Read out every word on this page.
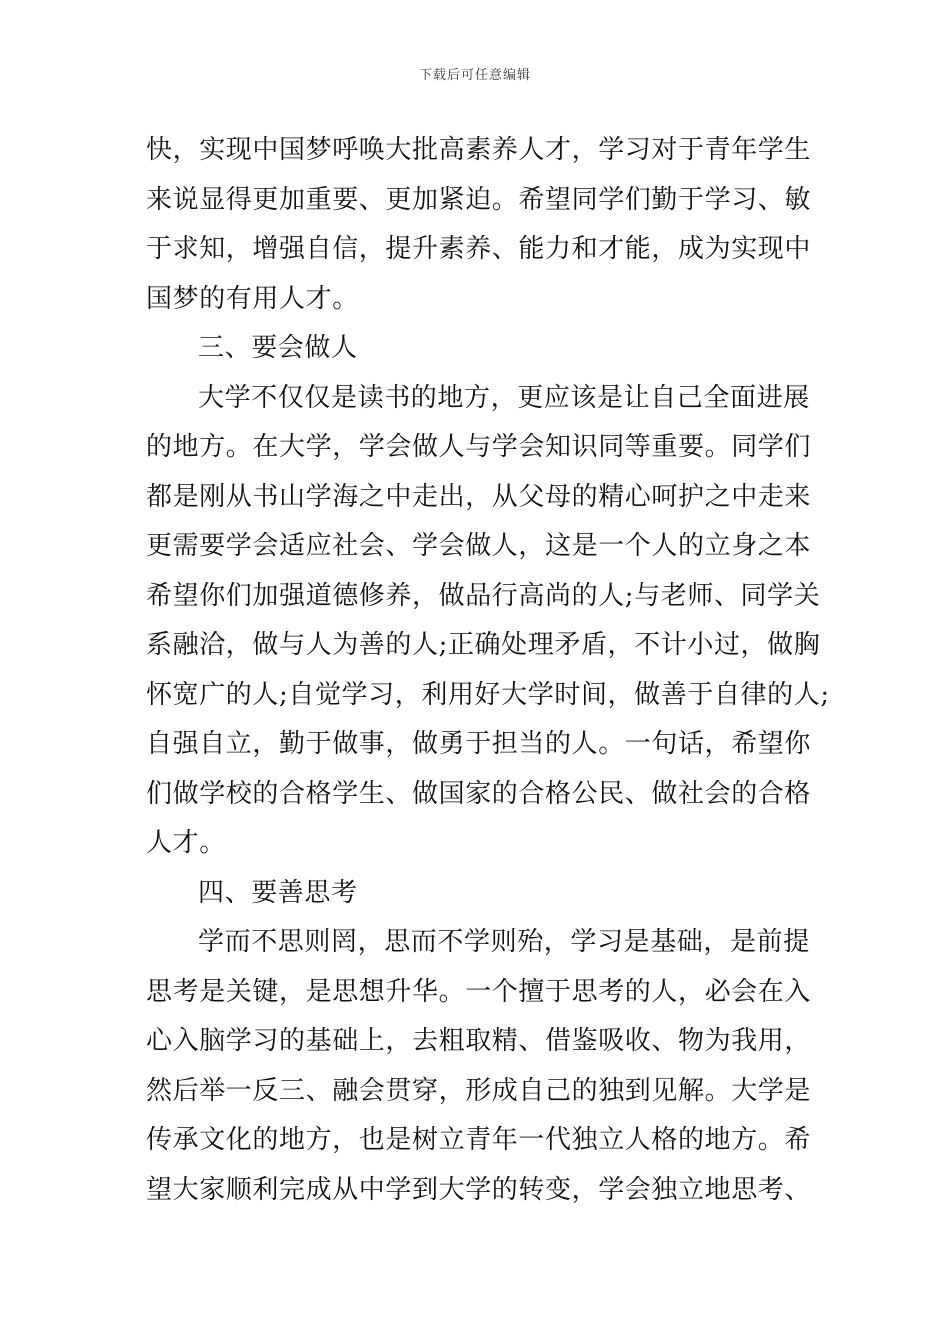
下载后可任意编辑
快，实现中国梦呼唤大批高素养人才，学习对于青年学生
来说显得更加重要、更加紧迫。希望同学们勤于学习、敏
于求知，增强自信，提升素养、能力和才能，成为实现中
国梦的有用人才。
三、要会做人
大学不仅仅是读书的地方，更应该是让自己全面进展
的地方。在大学，学会做人与学会知识同等重要。同学们
都是刚从书山学海之中走出，从父母的精心呵护之中走来
更需要学会适应社会、学会做人，这是一个人的立身之本
希望你们加强道德修养，做品行高尚的人;与老师、同学关
系融洽，做与人为善的人;正确处理矛盾，不计小过，做胸
怀宽广的人;自觉学习，利用好大学时间，做善于自律的人;
自强自立，勤于做事，做勇于担当的人。一句话，希望你
们做学校的合格学生、做国家的合格公民、做社会的合格
人才。
四、要善思考
学而不思则罔，思而不学则殆，学习是基础，是前提
思考是关键，是思想升华。一个擅于思考的人，必会在入
心入脑学习的基础上，去粗取精、借鉴吸收、物为我用，
然后举一反三、融会贯穿，形成自己的独到见解。大学是
传承文化的地方，也是树立青年一代独立人格的地方。希
望大家顺利完成从中学到大学的转变，学会独立地思考、
